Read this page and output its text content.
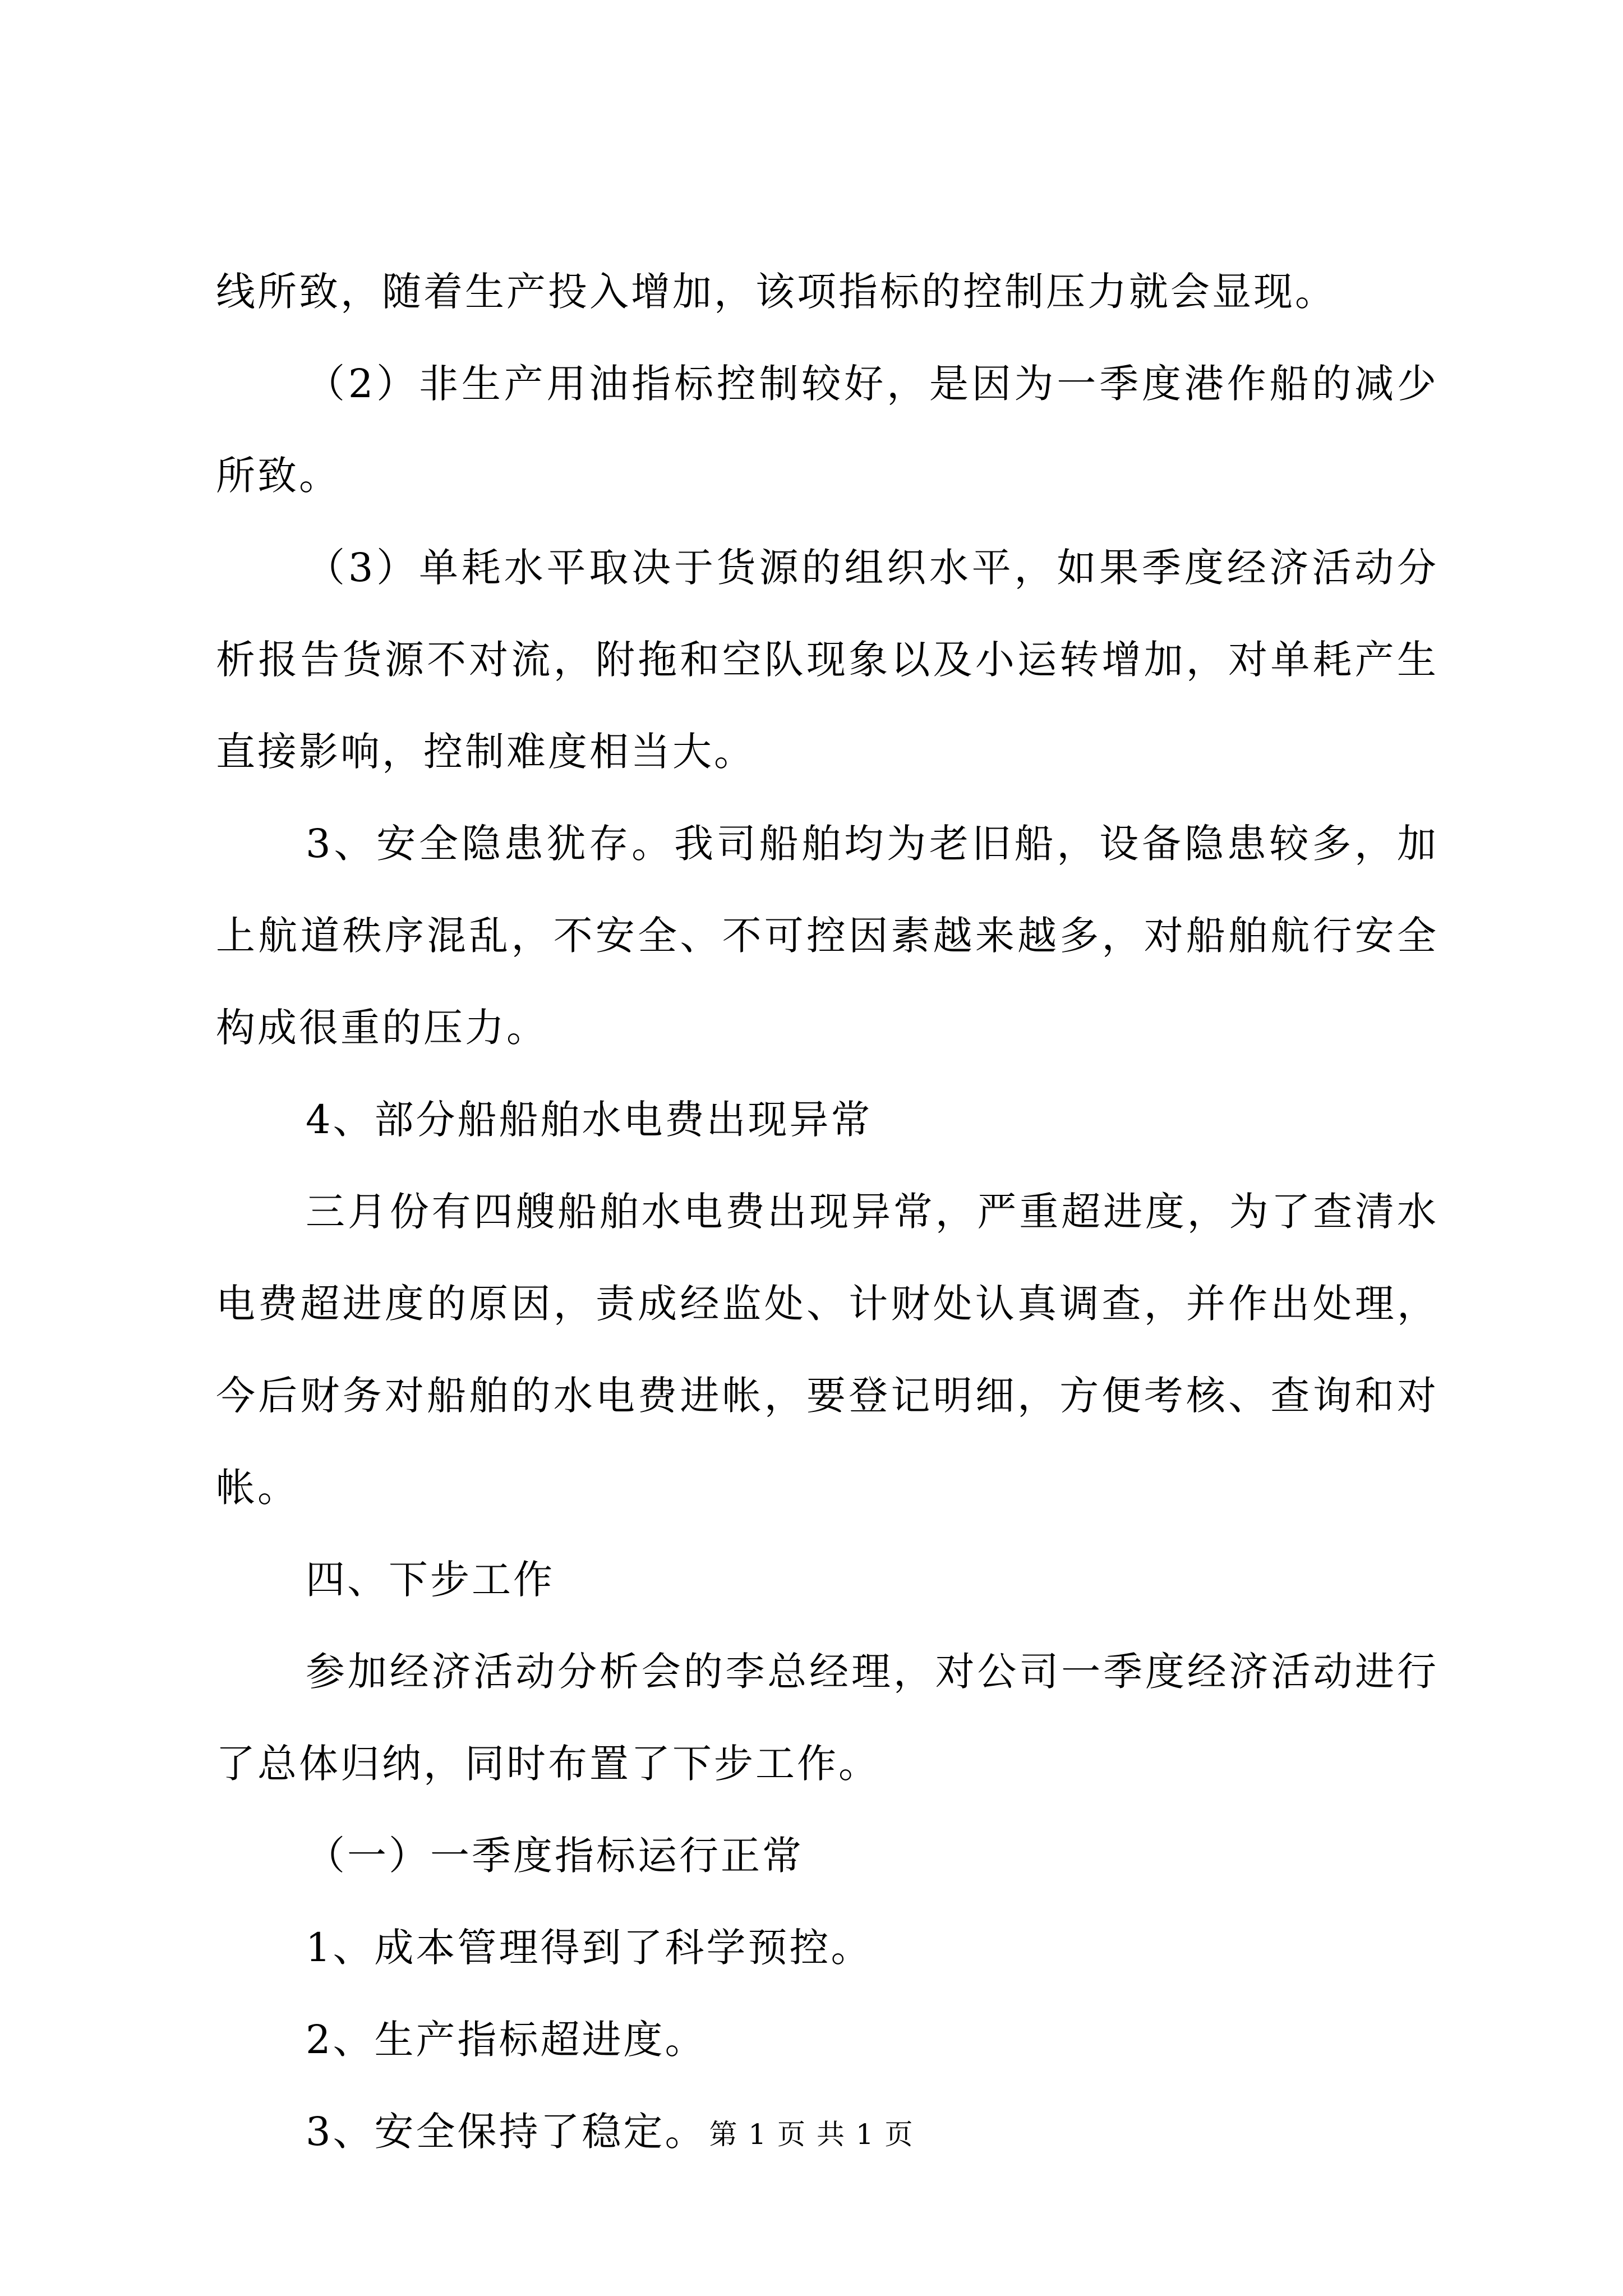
线所致，随着生产投入增加，该项指标的控制压力就会显现。

（2）非生产用油指标控制较好，是因为一季度港作船的减少所致。

（3）单耗水平取决于货源的组织水平，如果季度经济活动分析报告货源不对流，附拖和空队现象以及小运转增加，对单耗产生直接影响，控制难度相当大。

3、安全隐患犹存。我司船舶均为老旧船，设备隐患较多，加上航道秩序混乱，不安全、不可控因素越来越多，对船舶航行安全构成很重的压力。

4、部分船船舶水电费出现异常

三月份有四艘船舶水电费出现异常，严重超进度，为了查清水电费超进度的原因，责成经监处、计财处认真调查，并作出处理，今后财务对船舶的水电费进帐，要登记明细，方便考核、查询和对帐。

四、下步工作

参加经济活动分析会的李总经理，对公司一季度经济活动进行了总体归纳，同时布置了下步工作。

（一）一季度指标运行正常

1、成本管理得到了科学预控。

2、生产指标超进度。

3、安全保持了稳定。 第 1 页 共 1 页
